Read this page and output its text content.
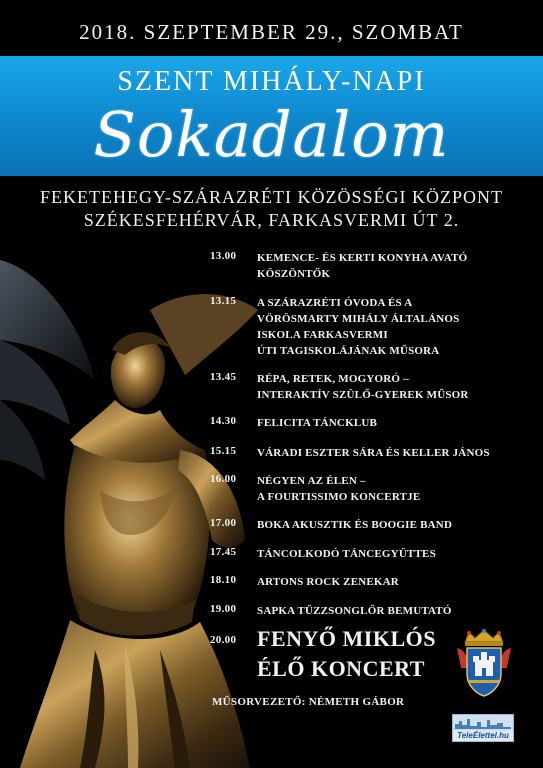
2018. SZEPTEMBER 29., SZOMBAT
SZENT MIHÁLY-NAPI
Sokadalom
FEKETEHEGY-SZÁRAZRÉTI KÖZÖSSÉGI KÖZPONT
SZÉKESFEHÉRVÁR, FARKASVERMI ÚT 2.
13.00	KEMENCE- ÉS KERTI KONYHA AVATÓ
KÖSZÖNTŐK
13.15	A SZÁRAZRÉTI ÓVODA ÉS A
VÖRÖSMARTY MIHÁLY ÁLTALÁNOS
ISKOLA FARKASVERMI
ÚTI TAGISKOLÁJÁNAK MŰSORA
13.45	RÉPA, RETEK, MOGYORÓ –
INTERAKTÍV SZÜLŐ-GYEREK MŰSOR
14.30	FELICITA TÁNCKLUB
15.15	VÁRADI ESZTER SÁRA ÉS KELLER JÁNOS
16.00	NÉGYEN AZ ÉLEN –
A FOURTISSIMO KONCERTJE
17.00	BOKA AKUSZTIK ÉS BOOGIE BAND
17.45	TÁNCOLKODÓ TÁNCEGYÜTTES
18.10	ARTONS ROCK ZENEKAR
19.00	SAPKA TŰZZSONGLŐR BEMUTATÓ
20.00 FENYŐ MIKLÓS
ÉLŐ KONCERT
MŰSORVEZETŐ: NÉMETH GÁBOR
TeleÉlettel.hu
